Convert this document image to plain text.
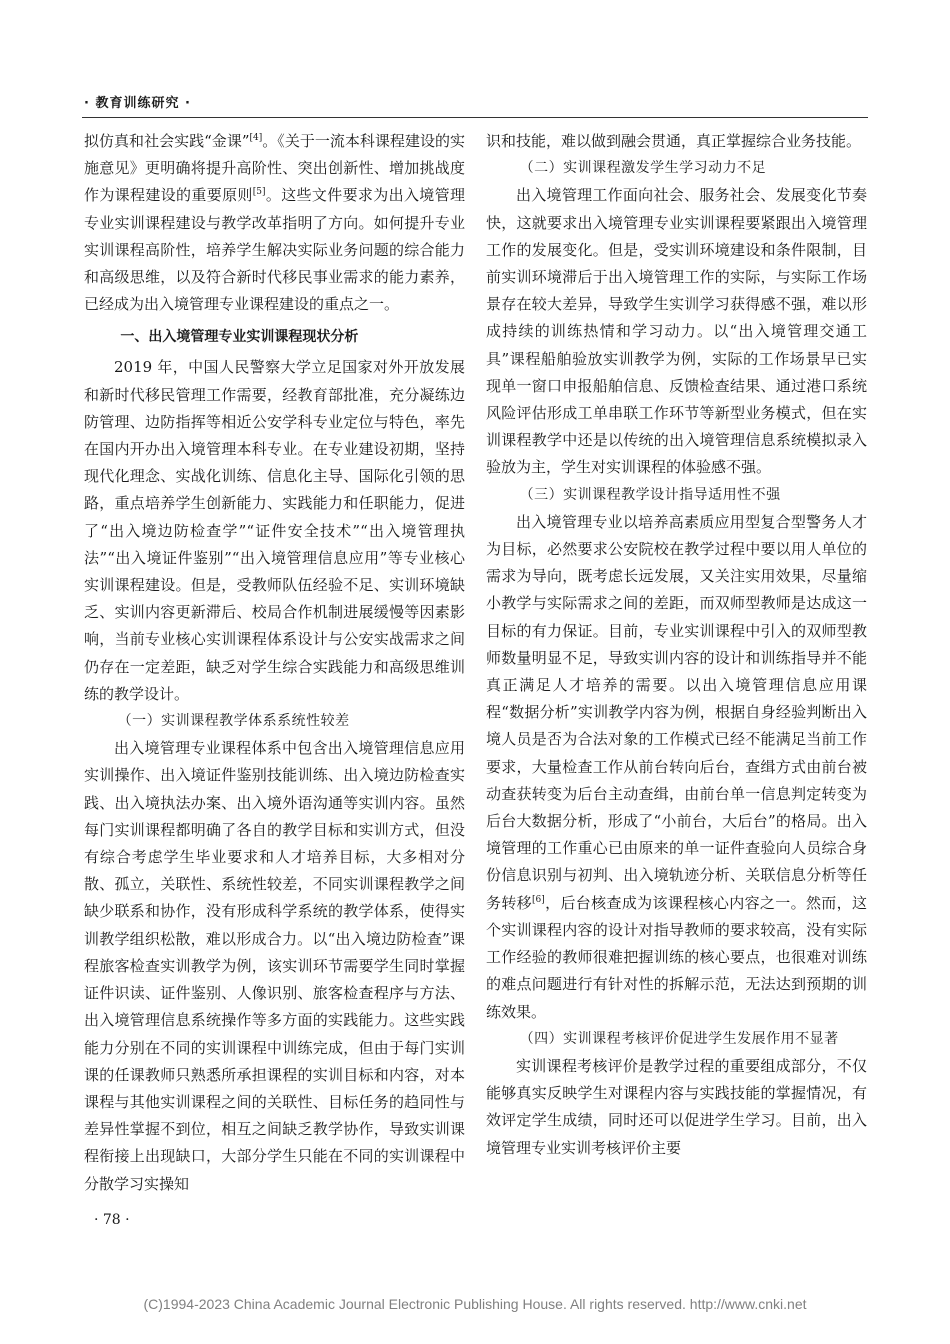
· 教育训练研究 ·

拟仿真和社会实践“金课”[4]。《关于一流本科课程建设的实施意见》更明确将提升高阶性、突出创新性、增加挑战度作为课程建设的重要原则[5]。这些文件要求为出入境管理专业实训课程建设与教学改革指明了方向。如何提升专业实训课程高阶性，培养学生解决实际业务问题的综合能力和高级思维，以及符合新时代移民事业需求的能力素养，已经成为出入境管理专业课程建设的重点之一。

一、出入境管理专业实训课程现状分析

2019 年，中国人民警察大学立足国家对外开放发展和新时代移民管理工作需要，经教育部批准，充分凝练边防管理、边防指挥等相近公安学科专业定位与特色，率先在国内开办出入境管理本科专业。在专业建设初期，坚持现代化理念、实战化训练、信息化主导、国际化引领的思路，重点培养学生创新能力、实践能力和任职能力，促进了“出入境边防检查学”“证件安全技术”“出入境管理执法”“出入境证件鉴别”“出入境管理信息应用”等专业核心实训课程建设。但是，受教师队伍经验不足、实训环境缺乏、实训内容更新滞后、校局合作机制进展缓慢等因素影响，当前专业核心实训课程体系设计与公安实战需求之间仍存在一定差距，缺乏对学生综合实践能力和高级思维训练的教学设计。

（一）实训课程教学体系系统性较差

出入境管理专业课程体系中包含出入境管理信息应用实训操作、出入境证件鉴别技能训练、出入境边防检查实践、出入境执法办案、出入境外语沟通等实训内容。虽然每门实训课程都明确了各自的教学目标和实训方式，但没有综合考虑学生毕业要求和人才培养目标，大多相对分散、孤立，关联性、系统性较差，不同实训课程教学之间缺少联系和协作，没有形成科学系统的教学体系，使得实训教学组织松散，难以形成合力。以“出入境边防检查”课程旅客检查实训教学为例，该实训环节需要学生同时掌握证件识读、证件鉴别、人像识别、旅客检查程序与方法、出入境管理信息系统操作等多方面的实践能力。这些实践能力分别在不同的实训课程中训练完成，但由于每门实训课的任课教师只熟悉所承担课程的实训目标和内容，对本课程与其他实训课程之间的关联性、目标任务的趋同性与差异性掌握不到位，相互之间缺乏教学协作，导致实训课程衔接上出现缺口，大部分学生只能在不同的实训课程中分散学习实操知

识和技能，难以做到融会贯通，真正掌握综合业务技能。

（二）实训课程激发学生学习动力不足

出入境管理工作面向社会、服务社会、发展变化节奏快，这就要求出入境管理专业实训课程要紧跟出入境管理工作的发展变化。但是，受实训环境建设和条件限制，目前实训环境滞后于出入境管理工作的实际，与实际工作场景存在较大差异，导致学生实训学习获得感不强，难以形成持续的训练热情和学习动力。以“出入境管理交通工具”课程船舶验放实训教学为例，实际的工作场景早已实现单一窗口申报船舶信息、反馈检查结果、通过港口系统风险评估形成工单串联工作环节等新型业务模式，但在实训课程教学中还是以传统的出入境管理信息系统模拟录入验放为主，学生对实训课程的体验感不强。

（三）实训课程教学设计指导适用性不强

出入境管理专业以培养高素质应用型复合型警务人才为目标，必然要求公安院校在教学过程中要以用人单位的需求为导向，既考虑长远发展，又关注实用效果，尽量缩小教学与实际需求之间的差距，而双师型教师是达成这一目标的有力保证。目前，专业实训课程中引入的双师型教师数量明显不足，导致实训内容的设计和训练指导并不能真正满足人才培养的需要。以出入境管理信息应用课程“数据分析”实训教学内容为例，根据自身经验判断出入境人员是否为合法对象的工作模式已经不能满足当前工作要求，大量检查工作从前台转向后台，查缉方式由前台被动查获转变为后台主动查缉，由前台单一信息判定转变为后台大数据分析，形成了“小前台，大后台”的格局。出入境管理的工作重心已由原来的单一证件查验向人员综合身份信息识别与初判、出入境轨迹分析、关联信息分析等任务转移[6]，后台核查成为该课程核心内容之一。然而，这个实训课程内容的设计对指导教师的要求较高，没有实际工作经验的教师很难把握训练的核心要点，也很难对训练的难点问题进行有针对性的拆解示范，无法达到预期的训练效果。

（四）实训课程考核评价促进学生发展作用不显著

实训课程考核评价是教学过程的重要组成部分，不仅能够真实反映学生对课程内容与实践技能的掌握情况，有效评定学生成绩，同时还可以促进学生学习。目前，出入境管理专业实训考核评价主要

· 78 ·
(C)1994-2023 China Academic Journal Electronic Publishing House. All rights reserved. http://www.cnki.net
